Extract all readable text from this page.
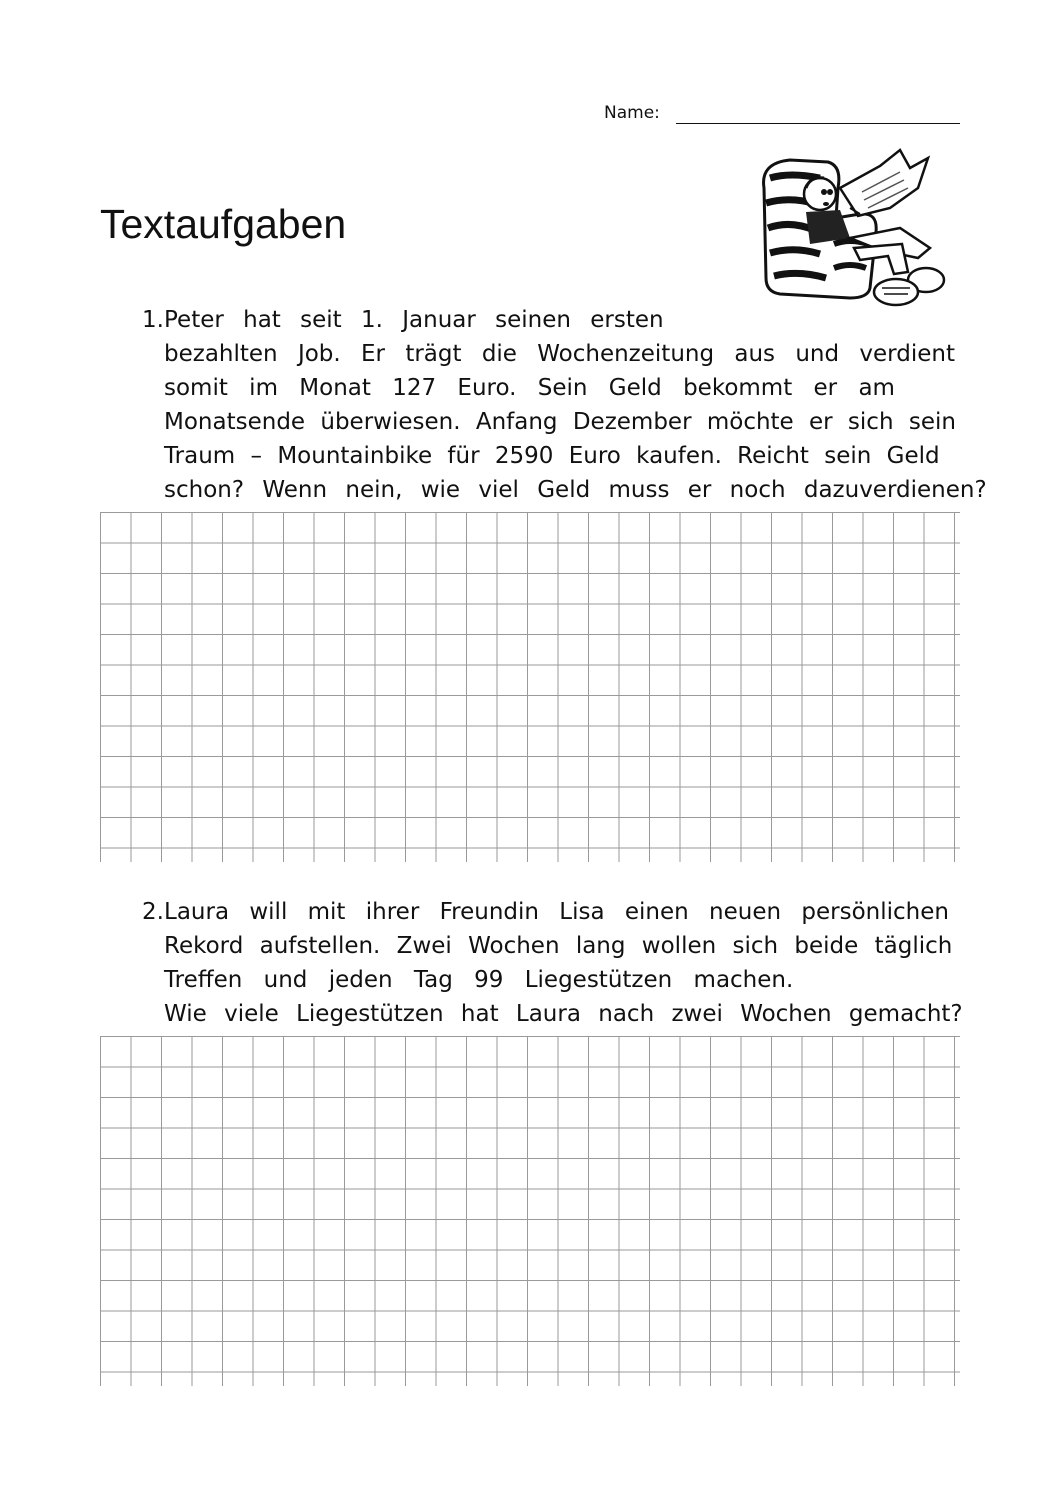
Name:
Textaufgaben
1. Peter hat seit 1. Januar seinen ersten
bezahlten Job. Er trägt die Wochenzeitung aus und verdient
somit im Monat 127 Euro. Sein Geld bekommt er am
Monatsende überwiesen. Anfang Dezember möchte er sich sein
Traum – Mountainbike für 2590 Euro kaufen. Reicht sein Geld
schon? Wenn nein, wie viel Geld muss er noch dazuverdienen?
2. Laura will mit ihrer Freundin Lisa einen neuen persönlichen
Rekord aufstellen. Zwei Wochen lang wollen sich beide täglich
Treffen und jeden Tag 99 Liegestützen machen.
Wie viele Liegestützen hat Laura nach zwei Wochen gemacht?
